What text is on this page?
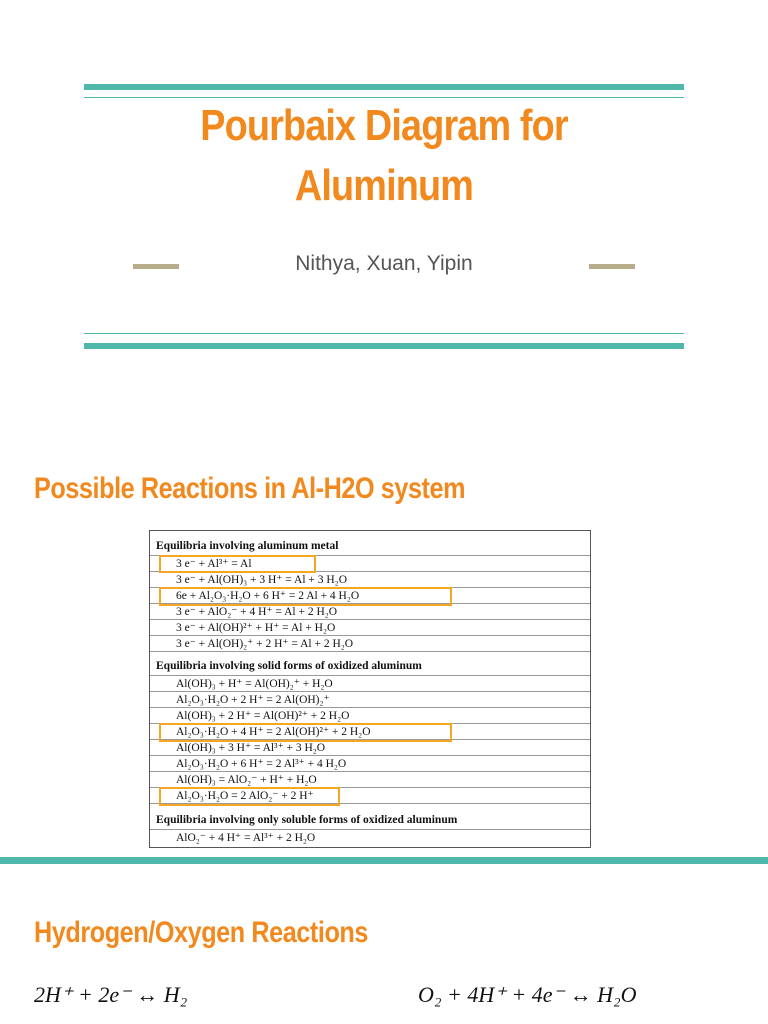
Pourbaix Diagram for
Aluminum
Nithya, Xuan, Yipin
Possible Reactions in Al-H2O system
Equilibria involving aluminum metal
3 e⁻ + Al³⁺ = Al
3 e⁻ + Al(OH)₃ + 3 H⁺ = Al + 3 H₂O
6e + Al₂O₃·H₂O + 6 H⁺ = 2 Al + 4 H₂O
3 e⁻ + AlO₂⁻ + 4 H⁺ = Al + 2 H₂O
3 e⁻ + Al(OH)²⁺ + H⁺ = Al + H₂O
3 e⁻ + Al(OH)₂⁺ + 2 H⁺ = Al + 2 H₂O
Equilibria involving solid forms of oxidized aluminum
Al(OH)₃ + H⁺ = Al(OH)₂⁺ + H₂O
Al₂O₃·H₂O + 2 H⁺ = 2 Al(OH)₂⁺
Al(OH)₃ + 2 H⁺ = Al(OH)²⁺ + 2 H₂O
Al₂O₃·H₂O + 4 H⁺ = 2 Al(OH)²⁺ + 2 H₂O
Al(OH)₃ + 3 H⁺ = Al³⁺ + 3 H₂O
Al₂O₃·H₂O + 6 H⁺ = 2 Al³⁺ + 4 H₂O
Al(OH)₃ = AlO₂⁻ + H⁺ + H₂O
Al₂O₃·H₂O = 2 AlO₂⁻ + 2 H⁺
Equilibria involving only soluble forms of oxidized aluminum
AlO₂⁻ + 4 H⁺ = Al³⁺ + 2 H₂O
Hydrogen/Oxygen Reactions
2H⁺ + 2e⁻ ↔ H₂	O₂ + 4H⁺ + 4e⁻ ↔ H₂O
